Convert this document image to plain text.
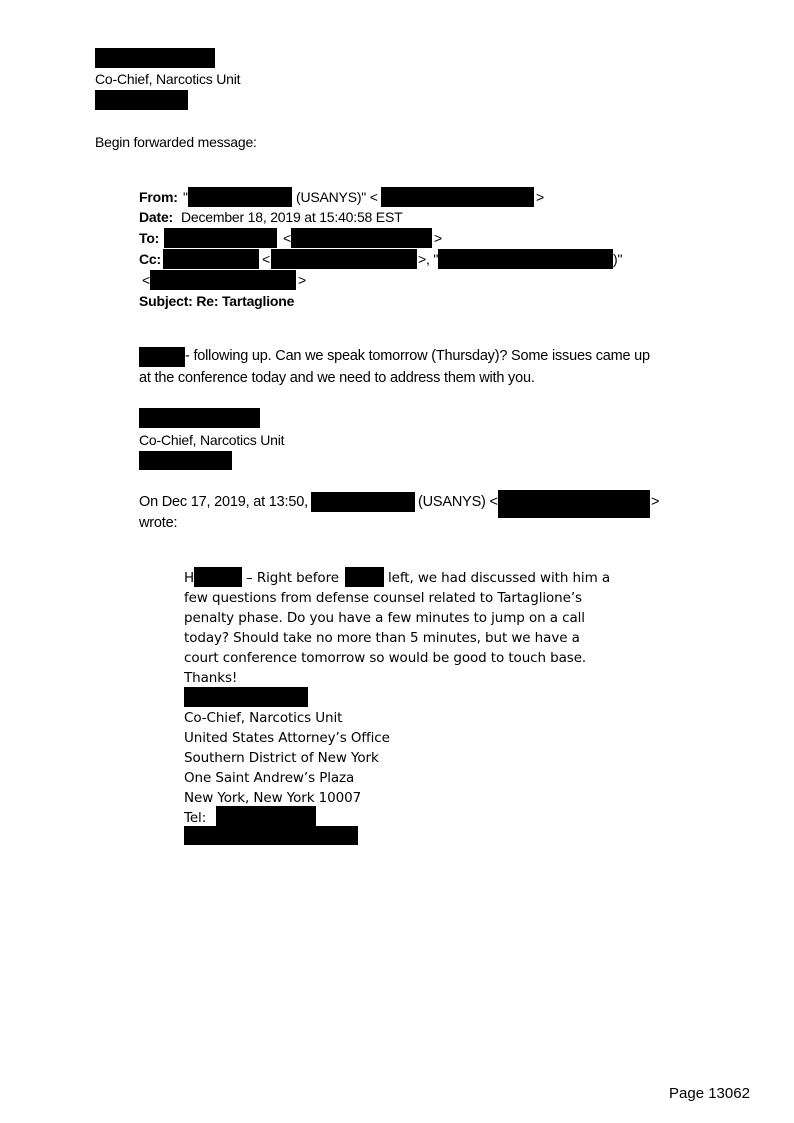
Co-Chief, Narcotics Unit
Begin forwarded message:
From: "	(USANYS)" <	>
Date: December 18, 2019 at 15:40:58 EST
To:	<	>
Cc:	<	>, "	)"
<	>
Subject: Re: Tartaglione
- following up. Can we speak tomorrow (Thursday)? Some issues came up
at the conference today and we need to address them with you.
Co-Chief, Narcotics Unit
On Dec 17, 2019, at 13:50,	(USANYS) <	>
wrote:
H	– Right before	left, we had discussed with him a
few questions from defense counsel related to Tartaglione’s
penalty phase. Do you have a few minutes to jump on a call
today? Should take no more than 5 minutes, but we have a
court conference tomorrow so would be good to touch base.
Thanks!
Co-Chief, Narcotics Unit
United States Attorney’s Office
Southern District of New York
One Saint Andrew’s Plaza
New York, New York 10007
Tel:
Page 13062
